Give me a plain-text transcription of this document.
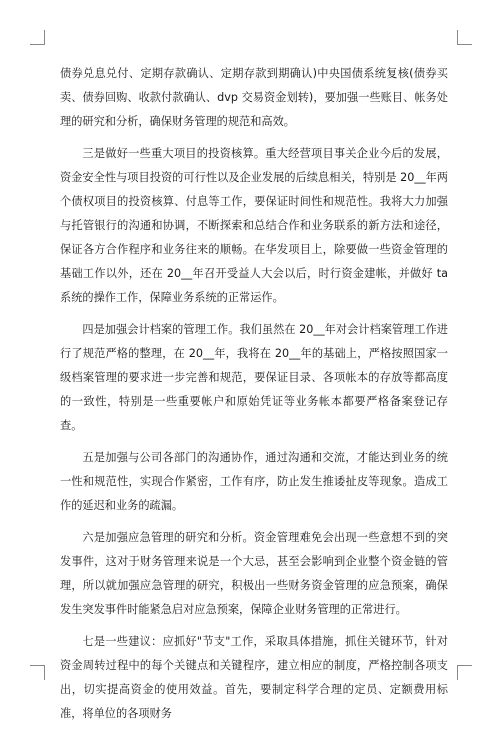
债券兑息兑付、定期存款确认、定期存款到期确认)中央国债系统复核(债券买卖、债券回购、收款付款确认、dvp 交易资金划转)，要加强一些账目、帐务处理的研究和分析，确保财务管理的规范和高效。

三是做好一些重大项目的投资核算。重大经营项目事关企业今后的发展，资金安全性与项目投资的可行性以及企业发展的后续息相关，特别是 20__年两个债权项目的投资核算、付息等工作，要保证时间性和规范性。我将大力加强与托管银行的沟通和协调，不断探索和总结合作和业务联系的新方法和途径，保证各方合作程序和业务往来的顺畅。在华发项目上，除要做一些资金管理的基础工作以外，还在 20__年召开受益人大会以后，时行资金建帐，并做好 ta 系统的操作工作，保障业务系统的正常运作。

四是加强会计档案的管理工作。我们虽然在 20__年对会计档案管理工作进行了规范严格的整理，在 20__年，我将在 20__年的基础上，严格按照国家一级档案管理的要求进一步完善和规范，要保证目录、各项帐本的存放等都高度的一致性，特别是一些重要帐户和原始凭证等业务帐本都要严格备案登记存查。

五是加强与公司各部门的沟通协作，通过沟通和交流，才能达到业务的统一性和规范性，实现合作紧密，工作有序，防止发生推诿扯皮等现象。造成工作的延迟和业务的疏漏。

六是加强应急管理的研究和分析。资金管理难免会出现一些意想不到的突发事件，这对于财务管理来说是一个大忌，甚至会影响到企业整个资金链的管理，所以就加强应急管理的研究，积极出一些财务资金管理的应急预案，确保发生突发事件时能紧急启对应急预案，保障企业财务管理的正常进行。

七是一些建议：应抓好"节支"工作，采取具体措施，抓住关键环节，针对资金周转过程中的每个关键点和关键程序，建立相应的制度，严格控制各项支出，切实提高资金的使用效益。首先，要制定科学合理的定员、定额费用标准，将单位的各项财务
